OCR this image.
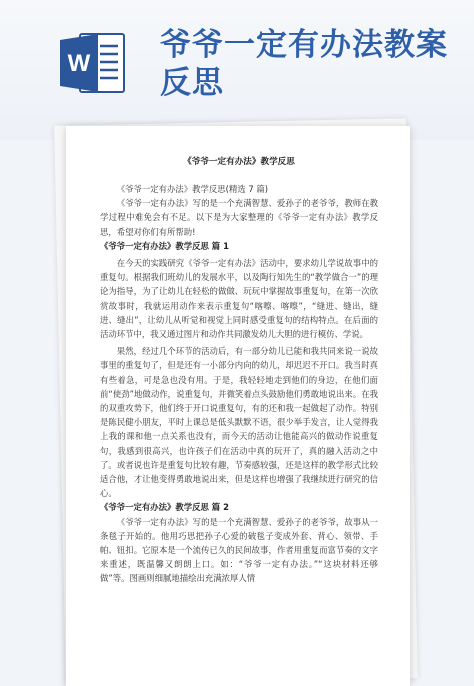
W
爷爷一定有办法教案反思

《爷爷一定有办法》教学反思

《爷爷一定有办法》教学反思(精选 7 篇)

《爷爷一定有办法》写的是一个充满智慧、爱孙子的老爷爷，教师在教学过程中难免会有不足。以下是为大家整理的《爷爷一定有办法》教学反思，希望对你们有所帮助!

《爷爷一定有办法》教学反思 篇 1

在今天的实践研究《爷爷一定有办法》活动中，要求幼儿学说故事中的重复句。根据我们班幼儿的发展水平，以及陶行知先生的“教学做合一”的理论为指导，为了让幼儿在轻松的做做、玩玩中掌握故事重复句，在第一次欣赏故事时，我就运用动作来表示重复句“喀嚓、喀嚓”，“缝进、缝出，缝进、缝出”，让幼儿从听觉和视觉上同时感受重复句的结构特点。在后面的活动环节中，我又通过图片和动作共同激发幼儿大胆的进行模仿、学说。

果然，经过几个环节的活动后，有一部分幼儿已能和我共同来说一说故事里的重复句了，但是还有一小部分内向的幼儿，却迟迟不开口。我当时真有些着急，可是急也没有用。于是，我轻轻地走到他们的身边，在他们面前“使劲”地做动作，说重复句，并微笑着点头鼓励他们勇敢地说出来。在我的双重攻势下，他们终于开口说重复句，有的还和我一起做起了动作。特别是陈民健小朋友，平时上课总是低头默默不语，很少举手发言，让人觉得我上我的课和他一点关系也没有，而今天的活动让他能高兴的做动作说重复句，我感到很高兴，也许孩子们在活动中真的玩开了，真的融入活动之中了。或者说也许是重复句比较有趣，节奏感较强，还是这样的教学形式比较适合他，才让他变得勇敢地说出来，但是这样也增强了我继续进行研究的信心。

《爷爷一定有办法》教学反思 篇 2

《爷爷一定有办法》写的是一个充满智慧、爱孙子的老爷爷，故事从一条毯子开始的。他用巧思把孙子心爱的破毯子变成外套、背心、领带、手帕、钮扣。它原本是一个流传已久的民间故事，作者用重复而富节奏的文字来重述，既温馨又朗朗上口。如：“爷爷一定有办法。”“这块材料还够做”等。图画则细腻地描绘出充满浓厚人情
